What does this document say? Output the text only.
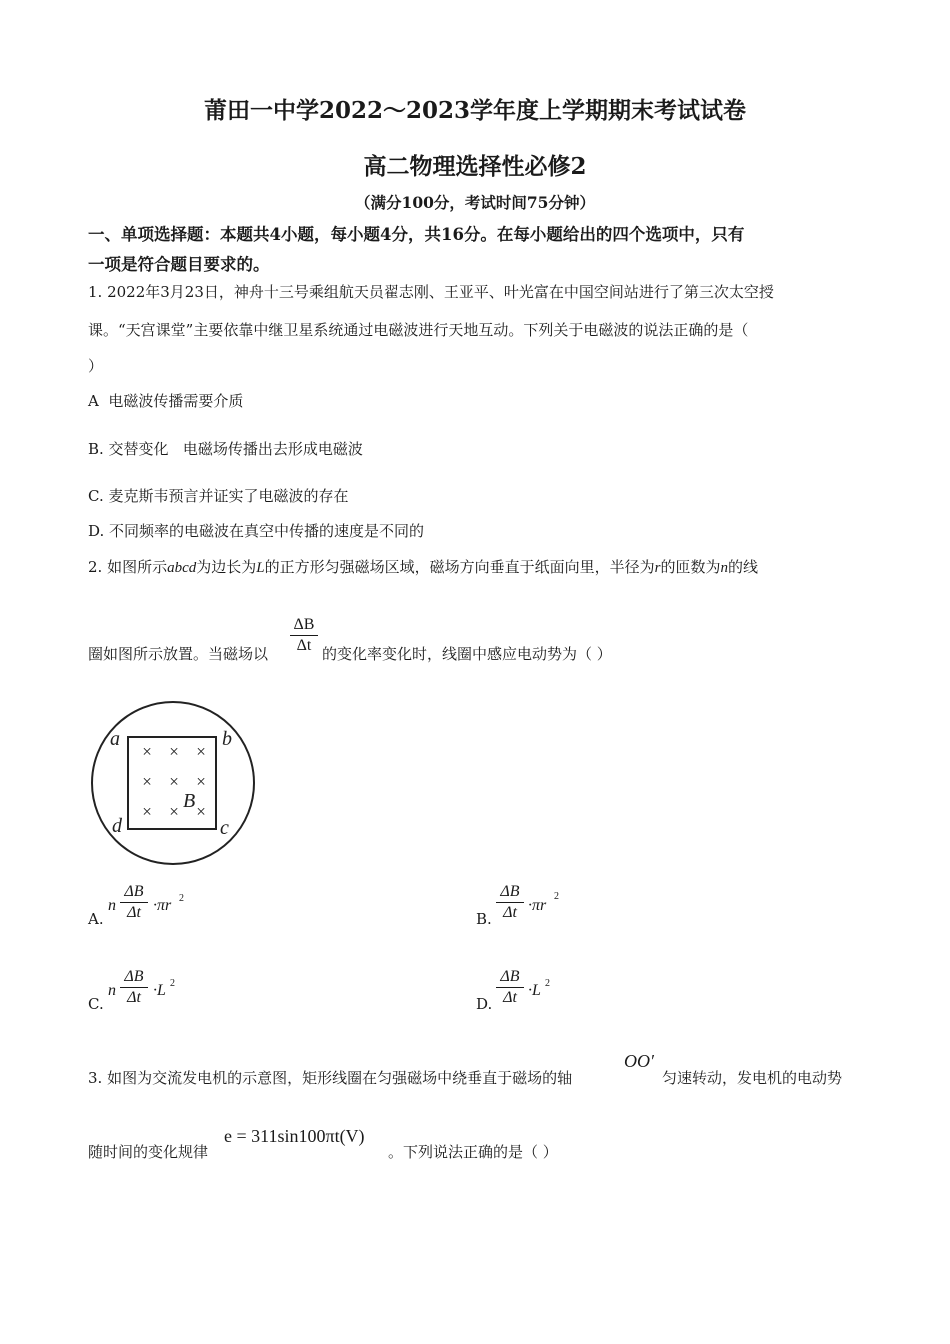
莆田一中学2022～2023学年度上学期期末考试试卷
高二物理选择性必修2
（满分100分，考试时间75分钟）
一、单项选择题：本题共4小题，每小题4分，共16分。在每小题给出的四个选项中，只有
一项是符合题目要求的。
1. 2022年3月23日，神舟十三号乘组航天员翟志刚、王亚平、叶光富在中国空间站进行了第三次太空授
课。“天宫课堂”主要依靠中继卫星系统通过电磁波进行天地互动。下列关于电磁波的说法正确的是（
）
A  电磁波传播需要介质
B. 交替变化   电磁场传播出去形成电磁波
C. 麦克斯韦预言并证实了电磁波的存在
D. 不同频率的电磁波在真空中传播的速度是不同的
2. 如图所示abcd为边长为L的正方形匀强磁场区域，磁场方向垂直于纸面向里，半径为r的匝数为n的线
圈如图所示放置。当磁场以
ΔB
Δt 的变化率变化时，线圈中感应电动势为（ ）
× × ×
× × ×
× × ×
a	b
c
d
B
A.
n
ΔB
Δt ·πr 2
B.
ΔB
Δt ·πr
2
C.
n
ΔB
Δt ·L 2
D.
ΔB
Δt ·L 2
3. 如图为交流发电机的示意图，矩形线圈在匀强磁场中绕垂直于磁场的轴
OO′
匀速转动，发电机的电动势
随时间的变化规律
e = 311sin100πt(V)
。下列说法正确的是（ ）
